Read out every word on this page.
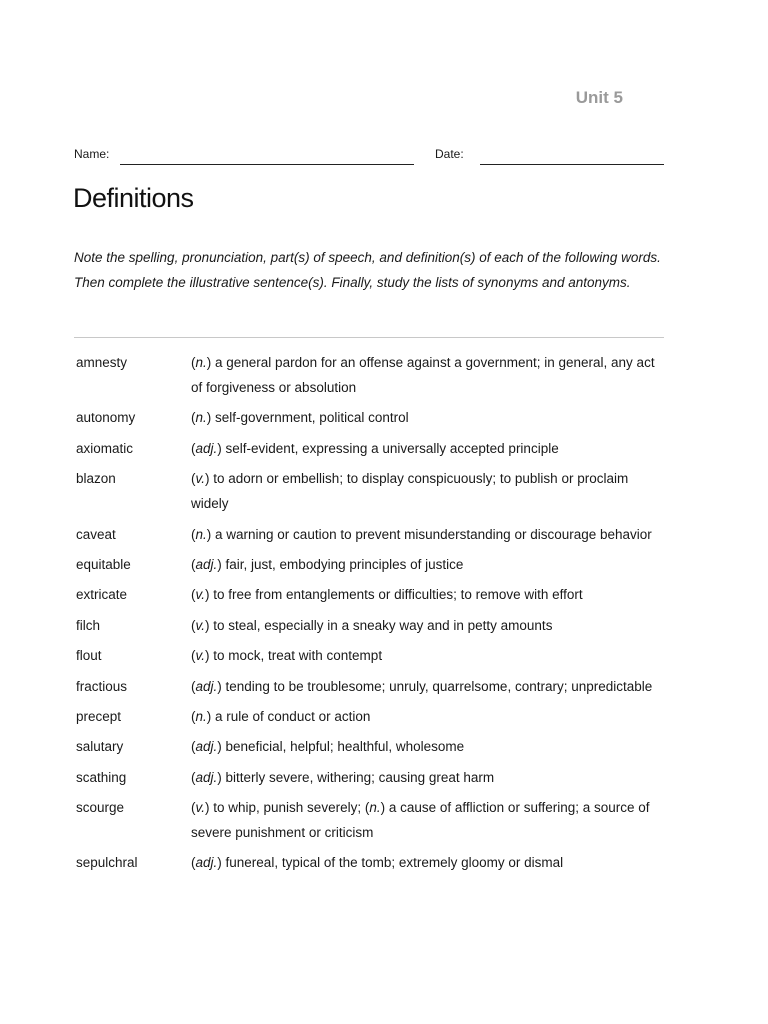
Unit 5
Name:	Date:
Definitions
Note the spelling, pronunciation, part(s) of speech, and definition(s) of each of the following words. Then complete the illustrative sentence(s). Finally, study the lists of synonyms and antonyms.
amnesty	(n.) a general pardon for an offense against a government; in general, any act of forgiveness or absolution
autonomy	(n.) self-government, political control
axiomatic	(adj.) self-evident, expressing a universally accepted principle
blazon	(v.) to adorn or embellish; to display conspicuously; to publish or proclaim widely
caveat	(n.) a warning or caution to prevent misunderstanding or discourage behavior
equitable	(adj.) fair, just, embodying principles of justice
extricate	(v.) to free from entanglements or difficulties; to remove with effort
filch	(v.) to steal, especially in a sneaky way and in petty amounts
flout	(v.) to mock, treat with contempt
fractious	(adj.) tending to be troublesome; unruly, quarrelsome, contrary; unpredictable
precept	(n.) a rule of conduct or action
salutary	(adj.) beneficial, helpful; healthful, wholesome
scathing	(adj.) bitterly severe, withering; causing great harm
scourge	(v.) to whip, punish severely; (n.) a cause of affliction or suffering; a source of severe punishment or criticism
sepulchral	(adj.) funereal, typical of the tomb; extremely gloomy or dismal
